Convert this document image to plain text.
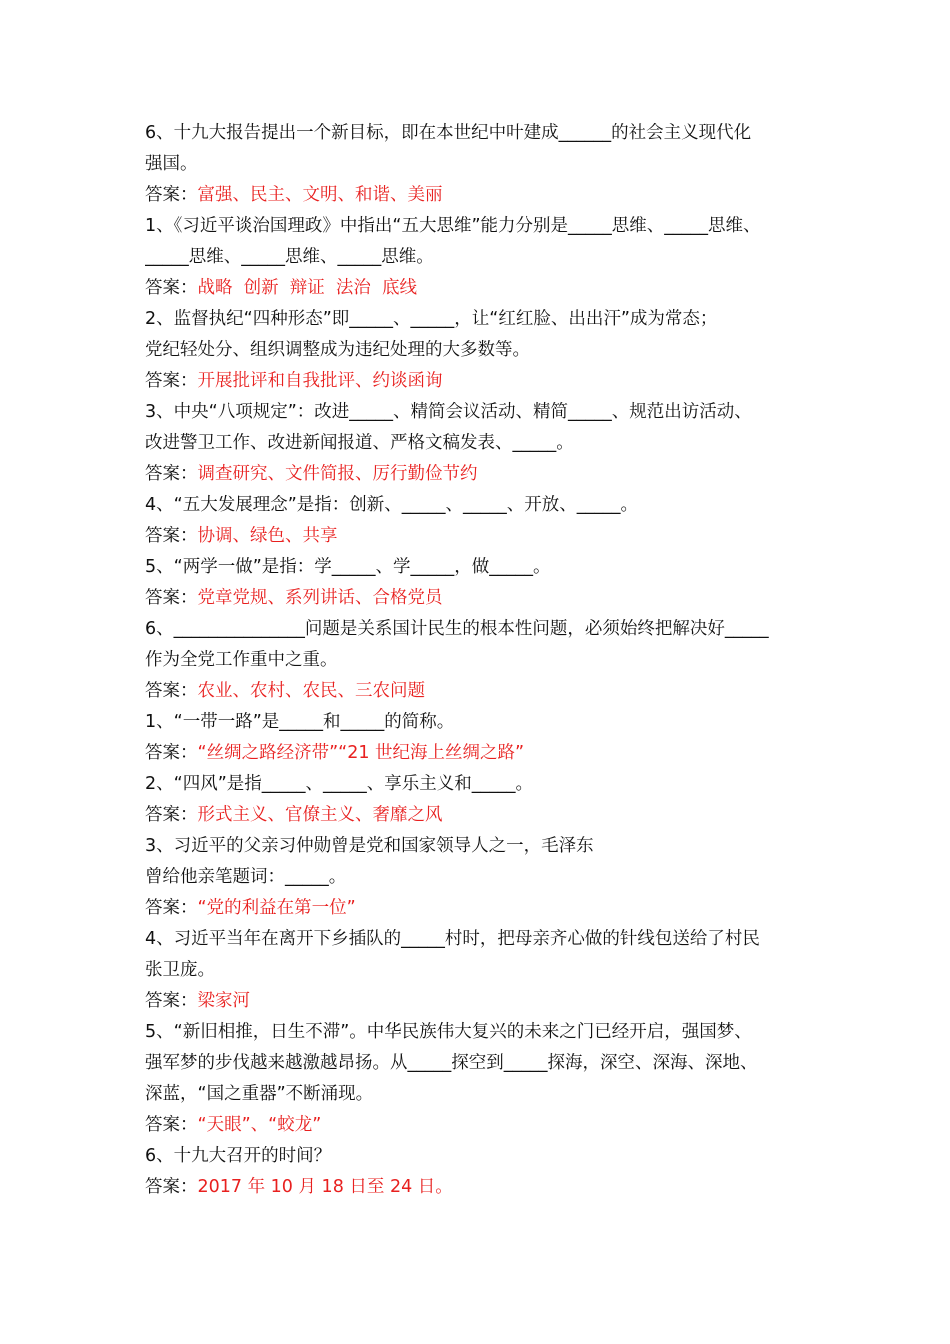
6、十九大报告提出一个新目标，即在本世纪中叶建成______的社会主义现代化
强国。
答案：富强、民主、文明、和谐、美丽
1、《习近平谈治国理政》中指出“五大思维”能力分别是_____思维、_____思维、
_____思维、_____思维、_____思维。
答案：战略  创新  辩证  法治  底线
2、监督执纪“四种形态”即_____、_____，让“红红脸、出出汗”成为常态；
党纪轻处分、组织调整成为违纪处理的大多数等。
答案：开展批评和自我批评、约谈函询
3、中央“八项规定”：改进_____、精简会议活动、精简_____、规范出访活动、
改进警卫工作、改进新闻报道、严格文稿发表、_____。
答案：调查研究、文件简报、厉行勤俭节约
4、“五大发展理念”是指：创新、_____、_____、开放、_____。
答案：协调、绿色、共享
5、“两学一做”是指：学_____、学_____，做_____。
答案：党章党规、系列讲话、合格党员
6、_______________问题是关系国计民生的根本性问题，必须始终把解决好_____
作为全党工作重中之重。
答案：农业、农村、农民、三农问题
1、“一带一路”是_____和_____的简称。
答案：“丝绸之路经济带”“21 世纪海上丝绸之路”
2、“四风”是指_____、_____、享乐主义和_____。
答案：形式主义、官僚主义、奢靡之风
3、习近平的父亲习仲勋曾是党和国家领导人之一，毛泽东
曾给他亲笔题词：_____。
答案：“党的利益在第一位”
4、习近平当年在离开下乡插队的_____村时，把母亲齐心做的针线包送给了村民
张卫庞。
答案：梁家河
5、“新旧相推，日生不滞”。中华民族伟大复兴的未来之门已经开启，强国梦、
强军梦的步伐越来越激越昂扬。从_____探空到_____探海，深空、深海、深地、
深蓝，“国之重器”不断涌现。
答案：“天眼”、“蛟龙”
6、十九大召开的时间？
答案：2017 年 10 月 18 日至 24 日。
